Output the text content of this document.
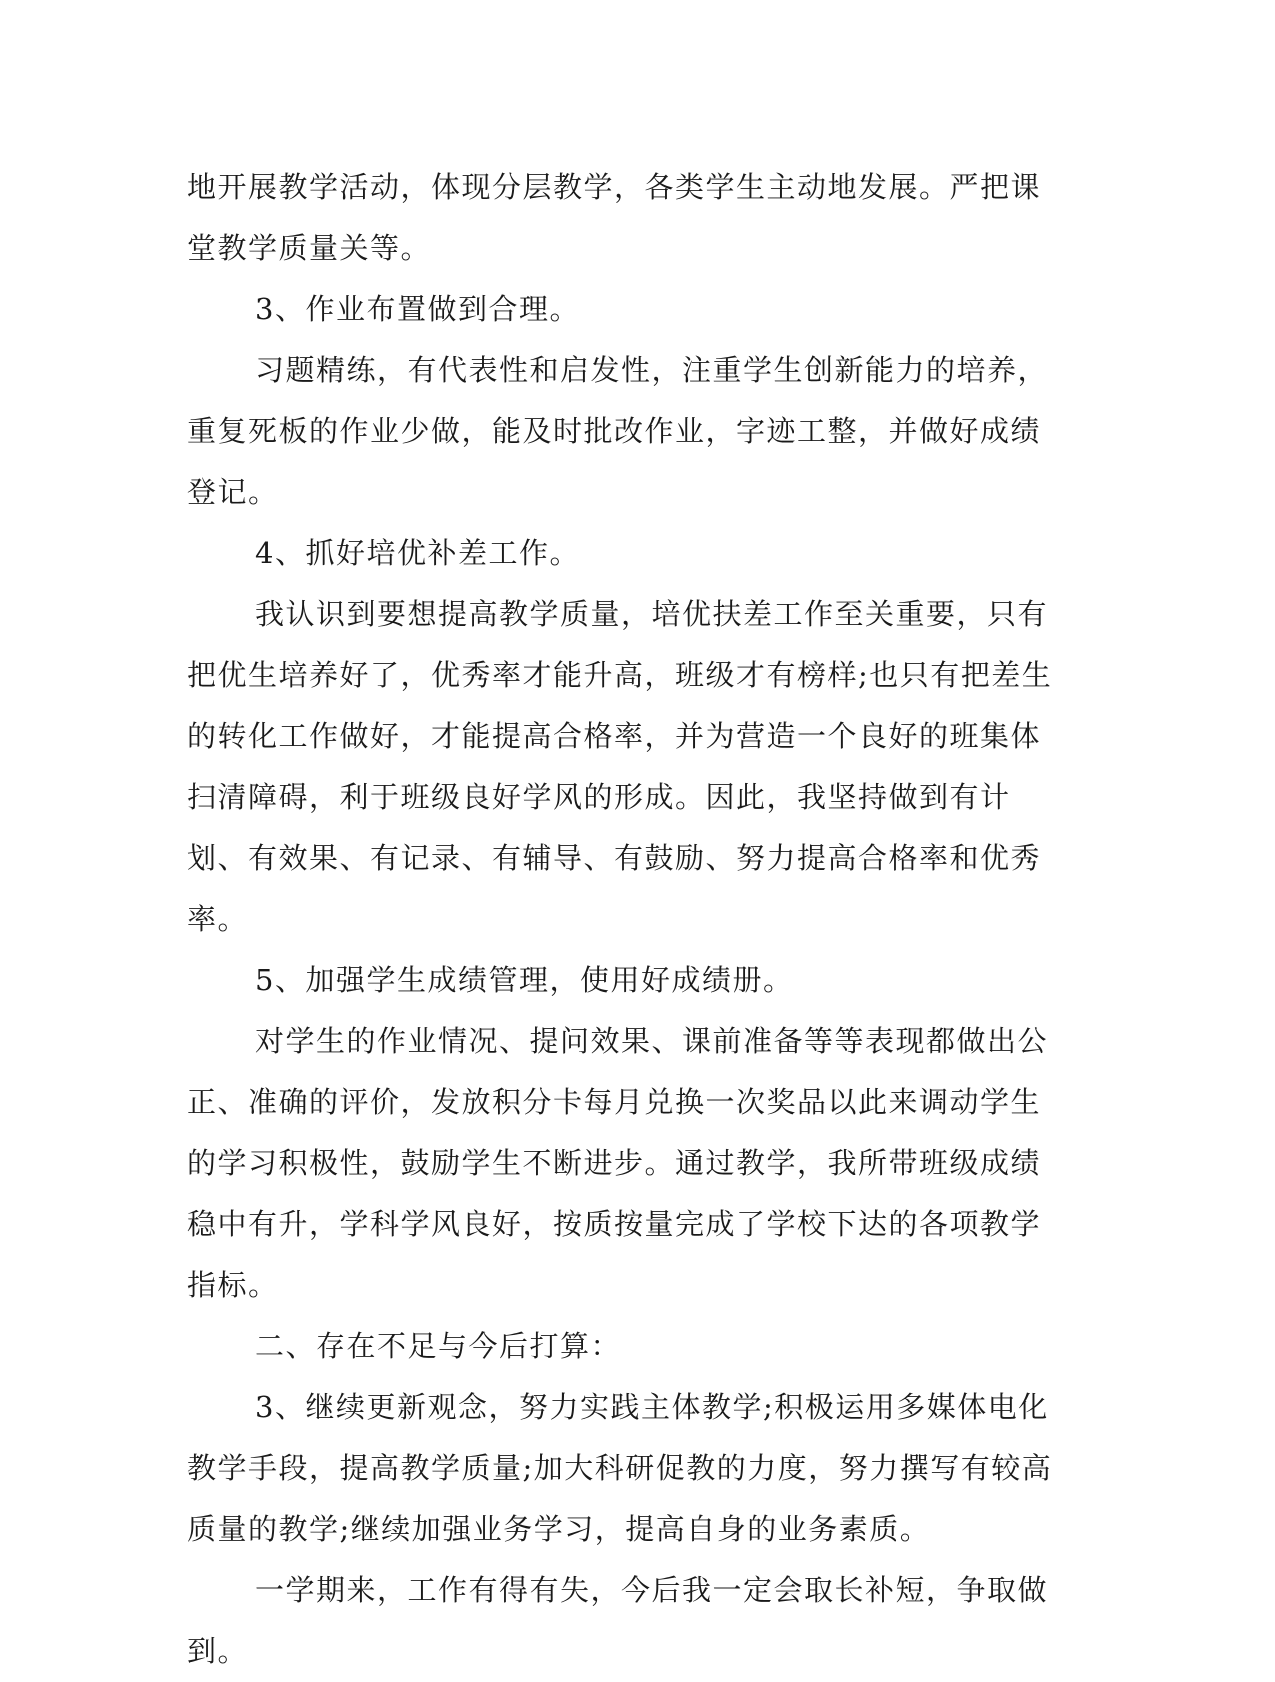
地开展教学活动，体现分层教学，各类学生主动地发展。严把课堂教学质量关等。

3、作业布置做到合理。

习题精练，有代表性和启发性，注重学生创新能力的培养，重复死板的作业少做，能及时批改作业，字迹工整，并做好成绩登记。

4、抓好培优补差工作。

我认识到要想提高教学质量，培优扶差工作至关重要，只有把优生培养好了，优秀率才能升高，班级才有榜样;也只有把差生的转化工作做好，才能提高合格率，并为营造一个良好的班集体扫清障碍，利于班级良好学风的形成。因此，我坚持做到有计划、有效果、有记录、有辅导、有鼓励、努力提高合格率和优秀率。

5、加强学生成绩管理，使用好成绩册。

对学生的作业情况、提问效果、课前准备等等表现都做出公正、准确的评价，发放积分卡每月兑换一次奖品以此来调动学生的学习积极性，鼓励学生不断进步。通过教学，我所带班级成绩稳中有升，学科学风良好，按质按量完成了学校下达的各项教学指标。

二、存在不足与今后打算：

3、继续更新观念，努力实践主体教学;积极运用多媒体电化教学手段，提高教学质量;加大科研促教的力度，努力撰写有较高质量的教学;继续加强业务学习，提高自身的业务素质。

一学期来，工作有得有失，今后我一定会取长补短，争取做到。
